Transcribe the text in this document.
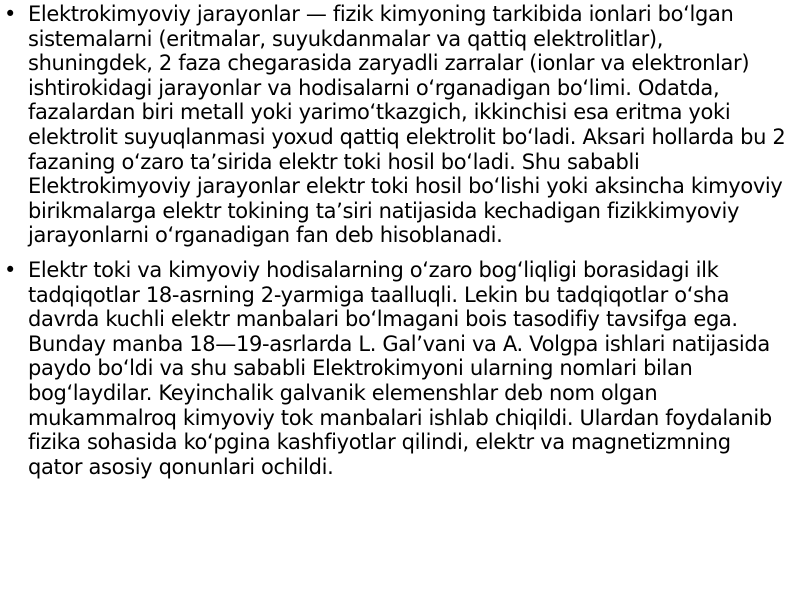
• Elektrokimyoviy jarayonlar — fizik kimyoning tarkibida ionlari boʻlgan sistemalarni (eritmalar, suyukdanmalar va qattiq elektrolitlar), shuningdek, 2 faza chegarasida zaryadli zarralar (ionlar va elektronlar) ishtirokidagi jarayonlar va hodisalarni oʻrganadigan boʻlimi. Odatda, fazalardan biri metall yoki yarimoʻtkazgich, ikkinchisi esa eritma yoki elektrolit suyuqlanmasi yoxud qattiq elektrolit boʻladi. Aksari hollarda bu 2 fazaning oʻzaro taʼsirida elektr toki hosil boʻladi. Shu sababli Elektrokimyoviy jarayonlar elektr toki hosil boʻlishi yoki aksincha kimyoviy birikmalarga elektr tokining taʼsiri natijasida kechadigan fizikkimyoviy jarayonlarni oʻrganadigan fan deb hisoblanadi.
• Elektr toki va kimyoviy hodisalarning oʻzaro bogʻliqligi borasidagi ilk tadqiqotlar 18-asrning 2-yarmiga taalluqli. Lekin bu tadqiqotlar oʻsha davrda kuchli elektr manbalari boʻlmagani bois tasodifiy tavsifga ega. Bunday manba 18—19-asrlarda L. Galʼvani va A. Volgpa ishlari natijasida paydo boʻldi va shu sababli Elektrokimyoni ularning nomlari bilan bogʻlaydilar. Keyinchalik galvanik elemenshlar deb nom olgan mukammalroq kimyoviy tok manbalari ishlab chiqildi. Ulardan foydalanib fizika sohasida koʻpgina kashfiyotlar qilindi, elektr va magnetizmning qator asosiy qonunlari ochildi.
